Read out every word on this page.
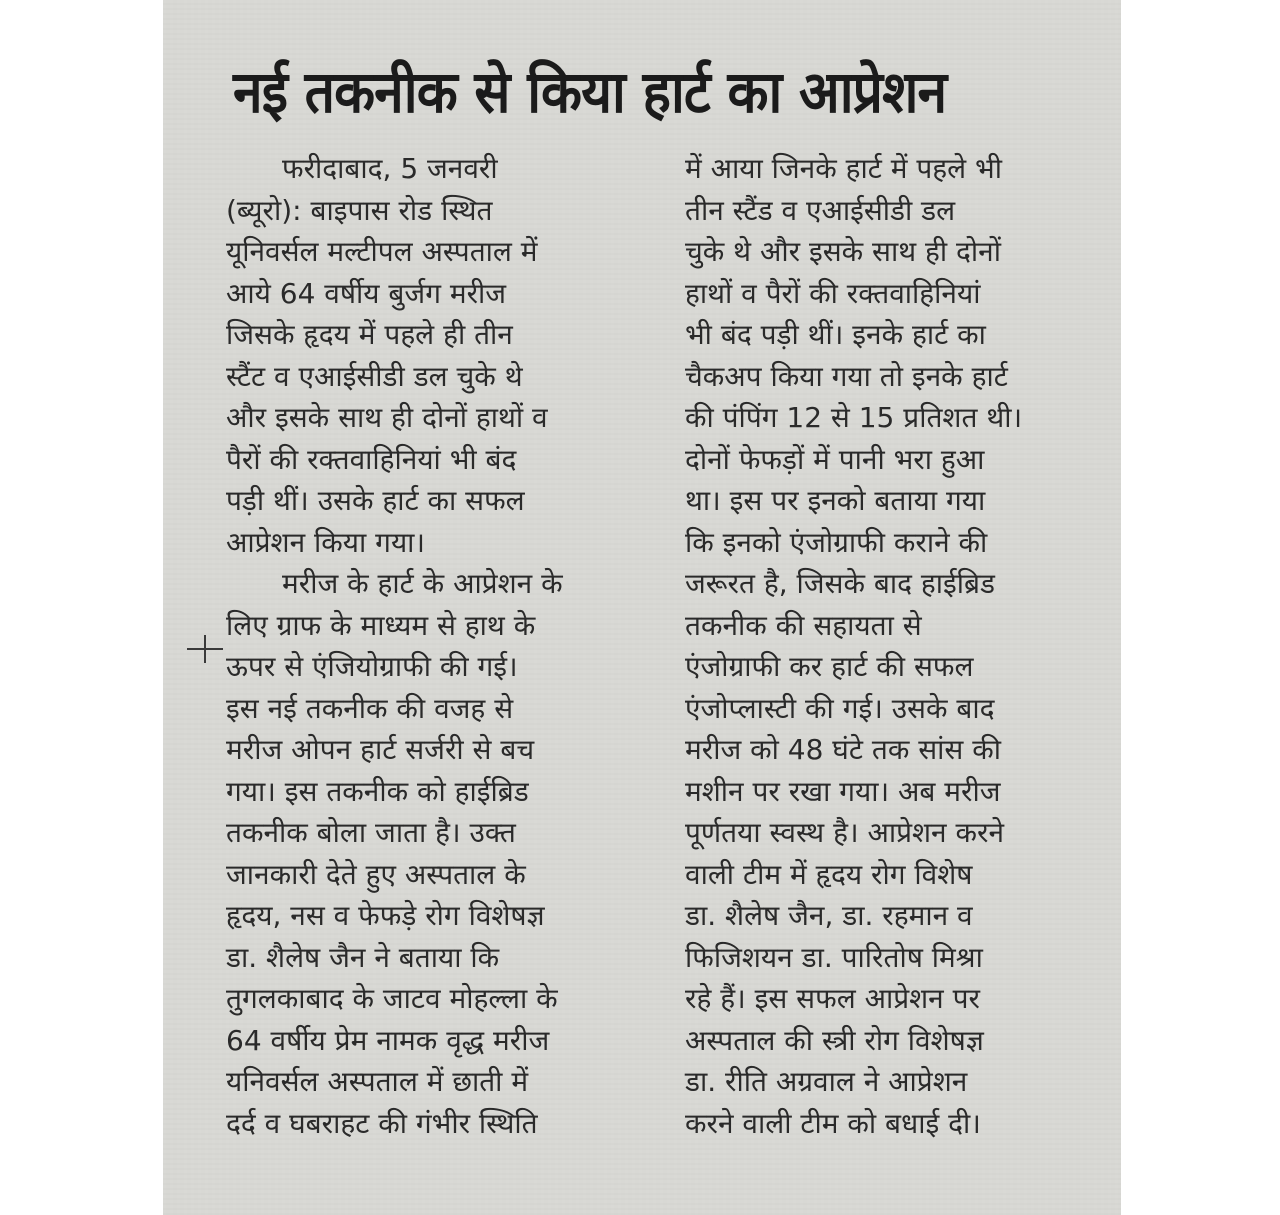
नई तकनीक से किया हार्ट का आप्रेशन
फरीदाबाद, 5 जनवरी
(ब्यूरो): बाइपास रोड स्थित
यूनिवर्सल मल्टीपल अस्पताल में
आये 64 वर्षीय बुर्जग मरीज
जिसके हृदय में पहले ही तीन
स्टैंट व एआईसीडी डल चुके थे
और इसके साथ ही दोनों हाथों व
पैरों की रक्तवाहिनियां भी बंद
पड़ी थीं। उसके हार्ट का सफल
आप्रेशन किया गया।
मरीज के हार्ट के आप्रेशन के
लिए ग्राफ के माध्यम से हाथ के
ऊपर से एंजियोग्राफी की गई।
इस नई तकनीक की वजह से
मरीज ओपन हार्ट सर्जरी से बच
गया। इस तकनीक को हाईब्रिड
तकनीक बोला जाता है। उक्त
जानकारी देते हुए अस्पताल के
हृदय, नस व फेफड़े रोग विशेषज्ञ
डा. शैलेष जैन ने बताया कि
तुगलकाबाद के जाटव मोहल्ला के
64 वर्षीय प्रेम नामक वृद्ध मरीज
यनिवर्सल अस्पताल में छाती में
दर्द व घबराहट की गंभीर स्थिति
में आया जिनके हार्ट में पहले भी
तीन स्टैंड व एआईसीडी डल
चुके थे और इसके साथ ही दोनों
हाथों व पैरों की रक्तवाहिनियां
भी बंद पड़ी थीं। इनके हार्ट का
चैकअप किया गया तो इनके हार्ट
की पंपिंग 12 से 15 प्रतिशत थी।
दोनों फेफड़ों में पानी भरा हुआ
था। इस पर इनको बताया गया
कि इनको एंजोग्राफी कराने की
जरूरत है, जिसके बाद हाईब्रिड
तकनीक की सहायता से
एंजोग्राफी कर हार्ट की सफल
एंजोप्लास्टी की गई। उसके बाद
मरीज को 48 घंटे तक सांस की
मशीन पर रखा गया। अब मरीज
पूर्णतया स्वस्थ है। आप्रेशन करने
वाली टीम में हृदय रोग विशेष
डा. शैलेष जैन, डा. रहमान व
फिजिशयन डा. पारितोष मिश्रा
रहे हैं। इस सफल आप्रेशन पर
अस्पताल की स्त्री रोग विशेषज्ञ
डा. रीति अग्रवाल ने आप्रेशन
करने वाली टीम को बधाई दी।
